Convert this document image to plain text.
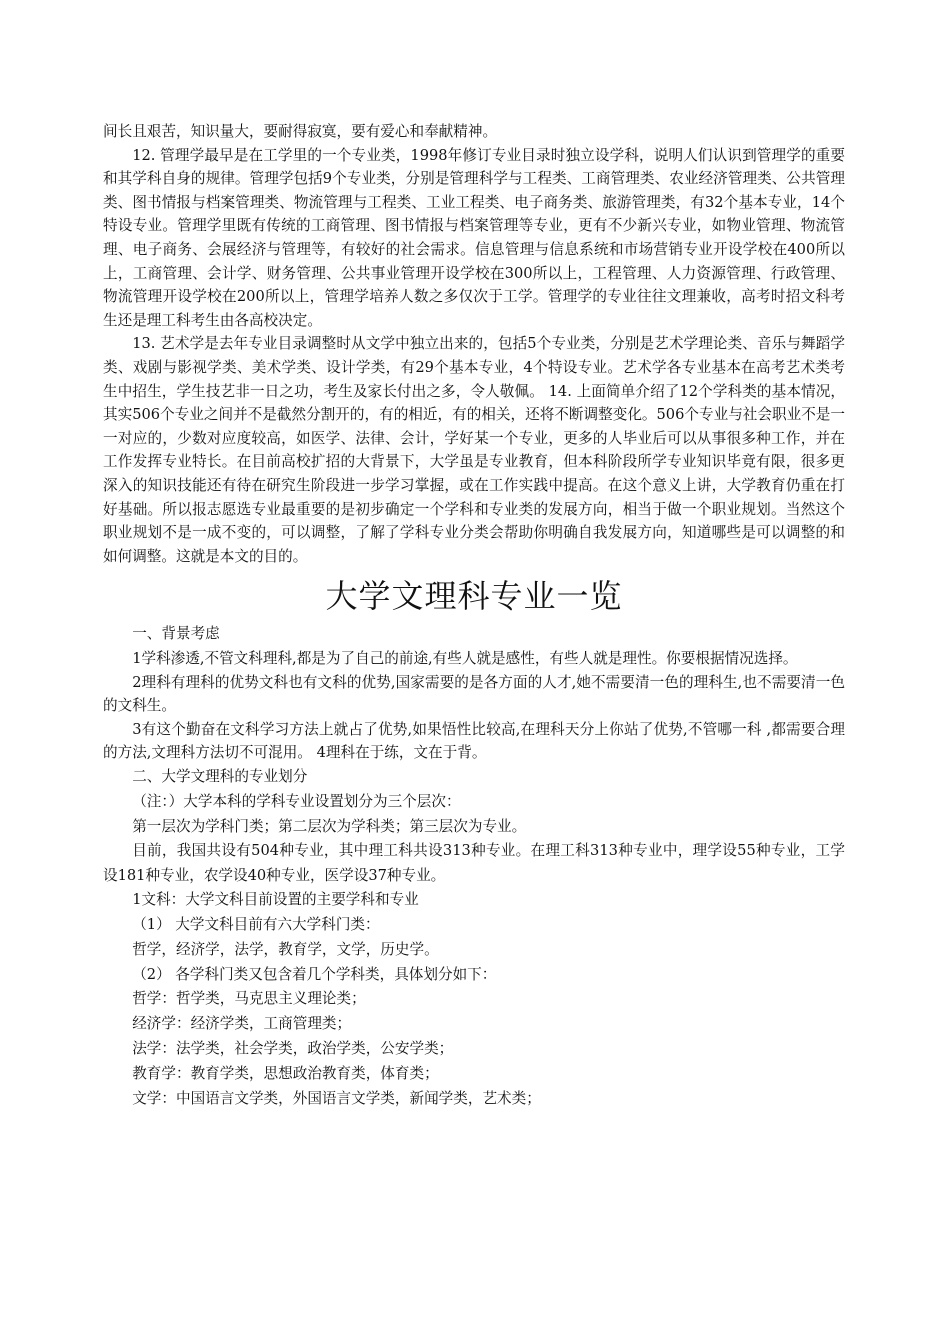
间长且艰苦，知识量大，要耐得寂寞，要有爱心和奉献精神。

12. 管理学最早是在工学里的一个专业类，1998年修订专业目录时独立设学科，说明人们认识到管理学的重要和其学科自身的规律。管理学包括9个专业类，分别是管理科学与工程类、工商管理类、农业经济管理类、公共管理类、图书情报与档案管理类、物流管理与工程类、工业工程类、电子商务类、旅游管理类，有32个基本专业，14个特设专业。管理学里既有传统的工商管理、图书情报与档案管理等专业，更有不少新兴专业，如物业管理、物流管理、电子商务、会展经济与管理等，有较好的社会需求。信息管理与信息系统和市场营销专业开设学校在400所以上，工商管理、会计学、财务管理、公共事业管理开设学校在300所以上，工程管理、人力资源管理、行政管理、物流管理开设学校在200所以上，管理学培养人数之多仅次于工学。管理学的专业往往文理兼收，高考时招文科考生还是理工科考生由各高校决定。

13. 艺术学是去年专业目录调整时从文学中独立出来的，包括5个专业类，分别是艺术学理论类、音乐与舞蹈学类、戏剧与影视学类、美术学类、设计学类，有29个基本专业，4个特设专业。艺术学各专业基本在高考艺术类考生中招生，学生技艺非一日之功，考生及家长付出之多，令人敬佩。 14. 上面简单介绍了12个学科类的基本情况，其实506个专业之间并不是截然分割开的，有的相近，有的相关，还将不断调整变化。506个专业与社会职业不是一一对应的，少数对应度较高，如医学、法律、会计，学好某一个专业，更多的人毕业后可以从事很多种工作，并在工作发挥专业特长。在目前高校扩招的大背景下，大学虽是专业教育，但本科阶段所学专业知识毕竟有限，很多更深入的知识技能还有待在研究生阶段进一步学习掌握，或在工作实践中提高。在这个意义上讲，大学教育仍重在打好基础。所以报志愿选专业最重要的是初步确定一个学科和专业类的发展方向，相当于做一个职业规划。当然这个职业规划不是一成不变的，可以调整，了解了学科专业分类会帮助你明确自我发展方向，知道哪些是可以调整的和如何调整。这就是本文的目的。

大学文理科专业一览

一、背景考虑

1学科渗透,不管文科理科,都是为了自己的前途,有些人就是感性，有些人就是理性。你要根据情况选择。

2理科有理科的优势文科也有文科的优势,国家需要的是各方面的人才,她不需要清一色的理科生,也不需要清一色的文科生。

3有这个勤奋在文科学习方法上就占了优势,如果悟性比较高,在理科天分上你站了优势,不管哪一科 ,都需要合理的方法,文理科方法切不可混用。 4理科在于练，文在于背。

二、大学文理科的专业划分

（注：）大学本科的学科专业设置划分为三个层次：

第一层次为学科门类；第二层次为学科类；第三层次为专业。

目前，我国共设有504种专业，其中理工科共设313种专业。在理工科313种专业中，理学设55种专业，工学设181种专业，农学设40种专业，医学设37种专业。

1文科：大学文科目前设置的主要学科和专业

（1） 大学文科目前有六大学科门类：

哲学，经济学，法学，教育学，文学，历史学。

（2） 各学科门类又包含着几个学科类，具体划分如下：

哲学：哲学类，马克思主义理论类；

经济学：经济学类，工商管理类；

法学：法学类，社会学类，政治学类，公安学类；

教育学：教育学类，思想政治教育类，体育类；

文学：中国语言文学类，外国语言文学类，新闻学类，艺术类；
